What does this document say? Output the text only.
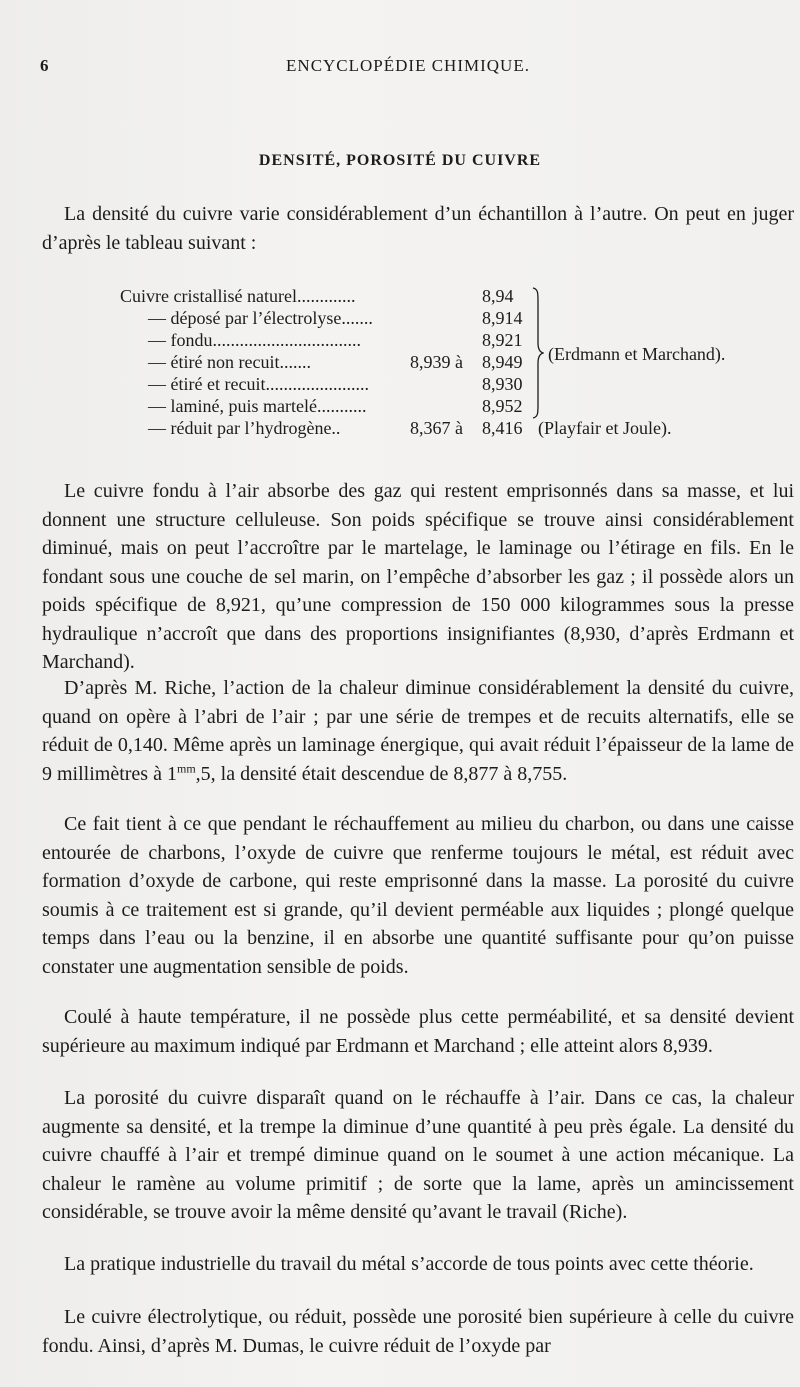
6	ENCYCLOPÉDIE CHIMIQUE.
DENSITÉ, POROSITÉ DU CUIVRE

La densité du cuivre varie considérablement d’un échantillon à l’autre. On peut en juger d’après le tableau suivant :

Cuivre cristallisé naturel.............	8,94
— déposé par l’électrolyse.......	8,914
— fondu.................................	8,921
— étiré non recuit.......	8,939 à 8,949
— étiré et recuit.......................	8,930
— laminé, puis martelé...........	8,952
— réduit par l’hydrogène..	8,367 à 8,416 (Playfair et Joule).
(Erdmann et Marchand).

Le cuivre fondu à l’air absorbe des gaz qui restent emprisonnés dans sa masse, et lui donnent une structure celluleuse. Son poids spécifique se trouve ainsi considérablement diminué, mais on peut l’accroître par le martelage, le laminage ou l’étirage en fils. En le fondant sous une couche de sel marin, on l’empêche d’absorber les gaz ; il possède alors un poids spécifique de 8,921, qu’une compression de 150 000 kilogrammes sous la presse hydraulique n’accroît que dans des proportions insignifiantes (8,930, d’après Erdmann et Marchand).

D’après M. Riche, l’action de la chaleur diminue considérablement la densité du cuivre, quand on opère à l’abri de l’air ; par une série de trempes et de recuits alternatifs, elle se réduit de 0,140. Même après un laminage énergique, qui avait réduit l’épaisseur de la lame de 9 millimètres à $1^{mm},5$, la densité était descendue de 8,877 à 8,755.

Ce fait tient à ce que pendant le réchauffement au milieu du charbon, ou dans une caisse entourée de charbons, l’oxyde de cuivre que renferme toujours le métal, est réduit avec formation d’oxyde de carbone, qui reste emprisonné dans la masse. La porosité du cuivre soumis à ce traitement est si grande, qu’il devient perméable aux liquides ; plongé quelque temps dans l’eau ou la benzine, il en absorbe une quantité suffisante pour qu’on puisse constater une augmentation sensible de poids.

Coulé à haute température, il ne possède plus cette perméabilité, et sa densité devient supérieure au maximum indiqué par Erdmann et Marchand ; elle atteint alors 8,939.

La porosité du cuivre disparaît quand on le réchauffe à l’air. Dans ce cas, la chaleur augmente sa densité, et la trempe la diminue d’une quantité à peu près égale. La densité du cuivre chauffé à l’air et trempé diminue quand on le soumet à une action mécanique. La chaleur le ramène au volume primitif ; de sorte que la lame, après un amincissement considérable, se trouve avoir la même densité qu’avant le travail (Riche).

La pratique industrielle du travail du métal s’accorde de tous points avec cette théorie.

Le cuivre électrolytique, ou réduit, possède une porosité bien supérieure à celle du cuivre fondu. Ainsi, d’après M. Dumas, le cuivre réduit de l’oxyde par
